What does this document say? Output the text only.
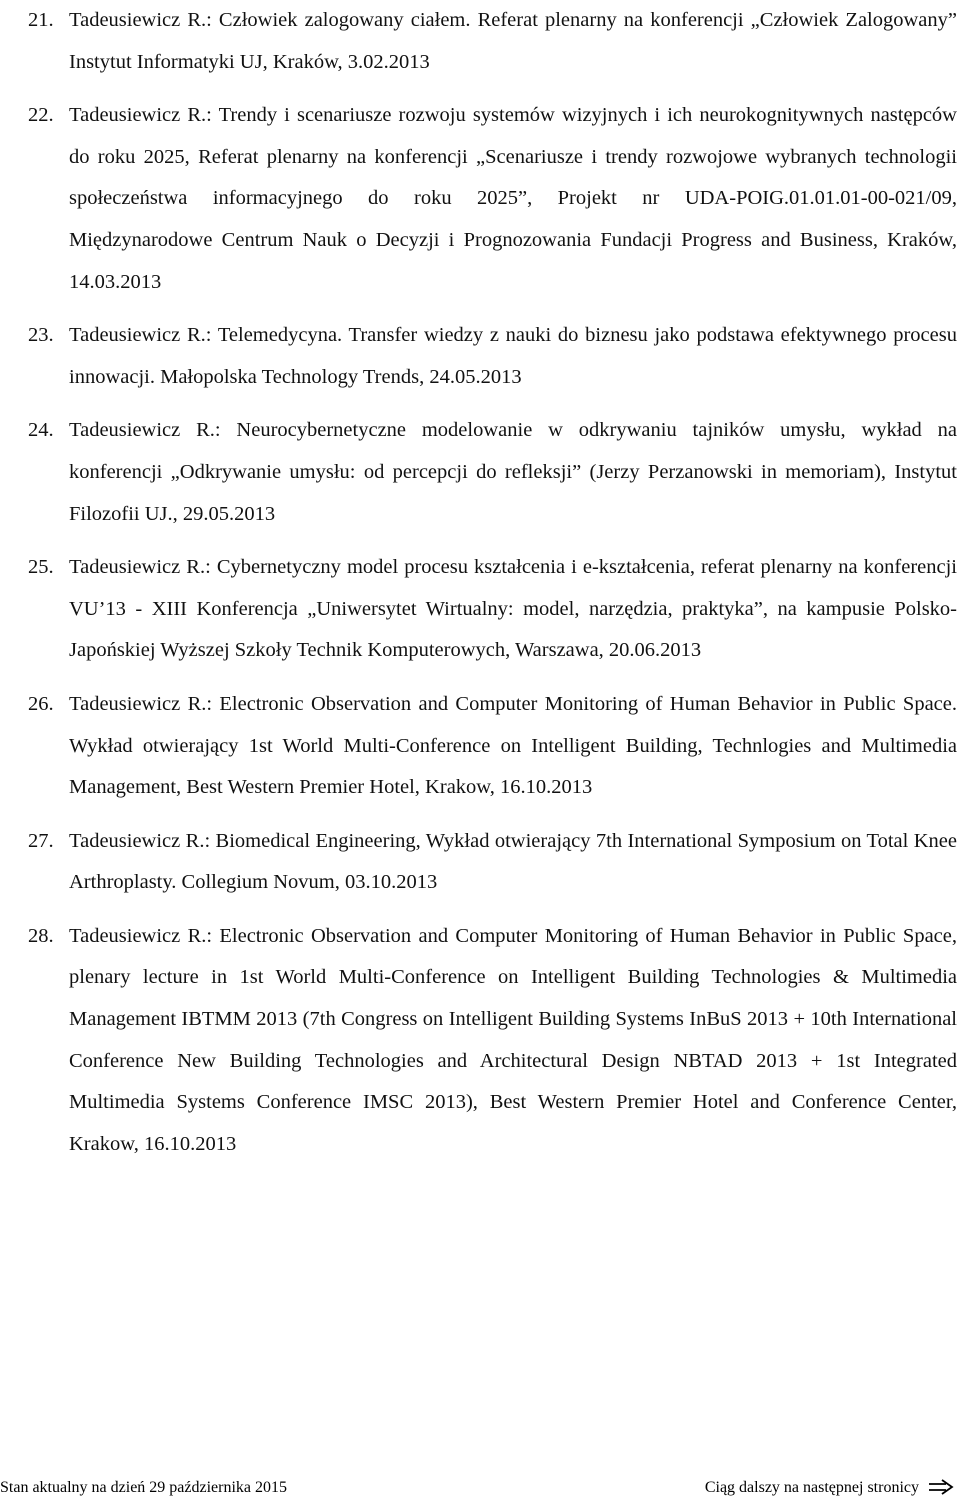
21. Tadeusiewicz R.: Człowiek zalogowany ciałem. Referat plenarny na konferencji „Człowiek Zalogowany” Instytut Informatyki UJ, Kraków, 3.02.2013
22. Tadeusiewicz R.: Trendy i scenariusze rozwoju systemów wizyjnych i ich neurokognitywnych następców do roku 2025, Referat plenarny na konferencji „Scenariusze i trendy rozwojowe wybranych technologii społeczeństwa informacyjnego do roku 2025”, Projekt nr UDA-POIG.01.01.01-00-021/09, Międzynarodowe Centrum Nauk o Decyzji i Prognozowania Fundacji Progress and Business, Kraków, 14.03.2013
23. Tadeusiewicz R.: Telemedycyna. Transfer wiedzy z nauki do biznesu jako podstawa efektywnego procesu innowacji. Małopolska Technology Trends, 24.05.2013
24. Tadeusiewicz R.: Neurocybernetyczne modelowanie w odkrywaniu tajników umysłu, wykład na konferencji „Odkrywanie umysłu: od percepcji do refleksji” (Jerzy Perzanowski in memoriam), Instytut Filozofii UJ., 29.05.2013
25. Tadeusiewicz R.: Cybernetyczny model procesu kształcenia i e-kształcenia, referat plenarny na konferencji VU’13 - XIII Konferencja „Uniwersytet Wirtualny: model, narzędzia, praktyka”, na kampusie Polsko-Japońskiej Wyższej Szkoły Technik Komputerowych, Warszawa, 20.06.2013
26. Tadeusiewicz R.: Electronic Observation and Computer Monitoring of Human Behavior in Public Space. Wykład otwierający 1st World Multi-Conference on Intelligent Building, Technlogies and Multimedia Management, Best Western Premier Hotel, Krakow, 16.10.2013
27. Tadeusiewicz R.: Biomedical Engineering, Wykład otwierający 7th International Symposium on Total Knee Arthroplasty. Collegium Novum, 03.10.2013
28. Tadeusiewicz R.: Electronic Observation and Computer Monitoring of Human Behavior in Public Space, plenary lecture in 1st World Multi-Conference on Intelligent Building Technologies & Multimedia Management IBTMM 2013 (7th Congress on Intelligent Building Systems InBuS 2013 + 10th International Conference New Building Technologies and Architectural Design NBTAD 2013 + 1st Integrated Multimedia Systems Conference IMSC 2013), Best Western Premier Hotel and Conference Center, Krakow, 16.10.2013
Stan aktualny na dzień 29 października 2015	Ciąg dalszy na następnej stronicy
